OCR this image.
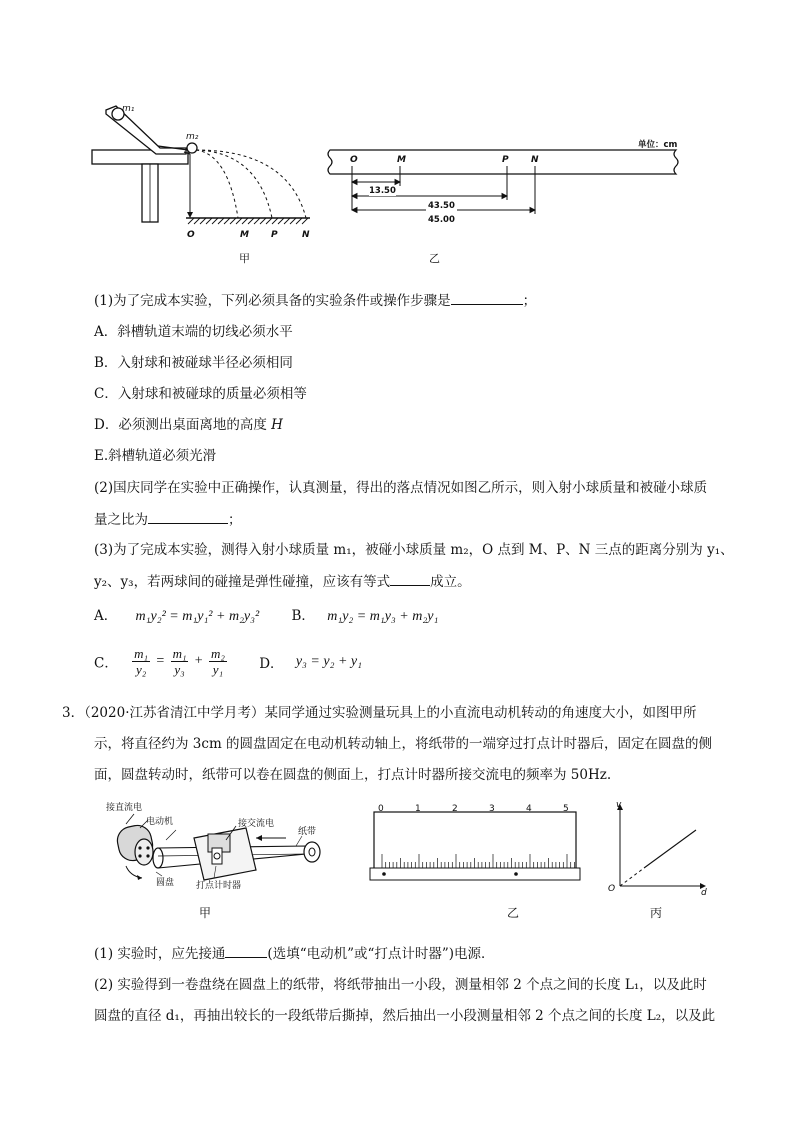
m₁
m₂
O	M P	N
甲
单位：cm
O	M	P N
13.50
43.50
45.00
乙
(1)为了完成本实验，下列必须具备的实验条件或操作步骤是	；
A．斜槽轨道末端的切线必须水平
B．入射球和被碰球半径必须相同
C．入射球和被碰球的质量必须相等
D．必须测出桌面离地的高度 H
E.斜槽轨道必须光滑
(2)国庆同学在实验中正确操作，认真测量，得出的落点情况如图乙所示，则入射小球质量和被碰小球质
量之比为	；
(3)为了完成本实验，测得入射小球质量 m₁，被碰小球质量 m₂，O 点到 M、P、N 三点的距离分别为 y₁、
y₂、y₃，若两球间的碰撞是弹性碰撞，应该有等式	成立。
A． m₁y₂² = m₁y₁² + m₂y₃² B． m₁y₂ = m₁y₃ + m₂y₁
C． $\frac{\text{m₁}}{\text{y₂}} = \frac{\text{m₁}}{\text{y₃}} + \frac{\text{m₂}}{\text{y₁}}$ D． y₃ = y₂ + y₁
3．（2020·江苏省清江中学月考）某同学通过实验测量玩具上的小直流电动机转动的角速度大小，如图甲所
示，将直径约为 3cm 的圆盘固定在电动机转动轴上，将纸带的一端穿过打点计时器后，固定在圆盘的侧
面，圆盘转动时，纸带可以卷在圆盘的侧面上，打点计时器所接交流电的频率为 50Hz.
接直流电
电动机	接交流电
纸带
圆盘 打点计时器
甲
0	1	2	3	4	5
乙
v
d
O
丙
(1) 实验时，应先接通	(选填“电动机”或“打点计时器”)电源．
(2) 实验得到一卷盘绕在圆盘上的纸带，将纸带抽出一小段，测量相邻 2 个点之间的长度 L₁，以及此时
圆盘的直径 d₁，再抽出较长的一段纸带后撕掉，然后抽出一小段测量相邻 2 个点之间的长度 L₂，以及此
